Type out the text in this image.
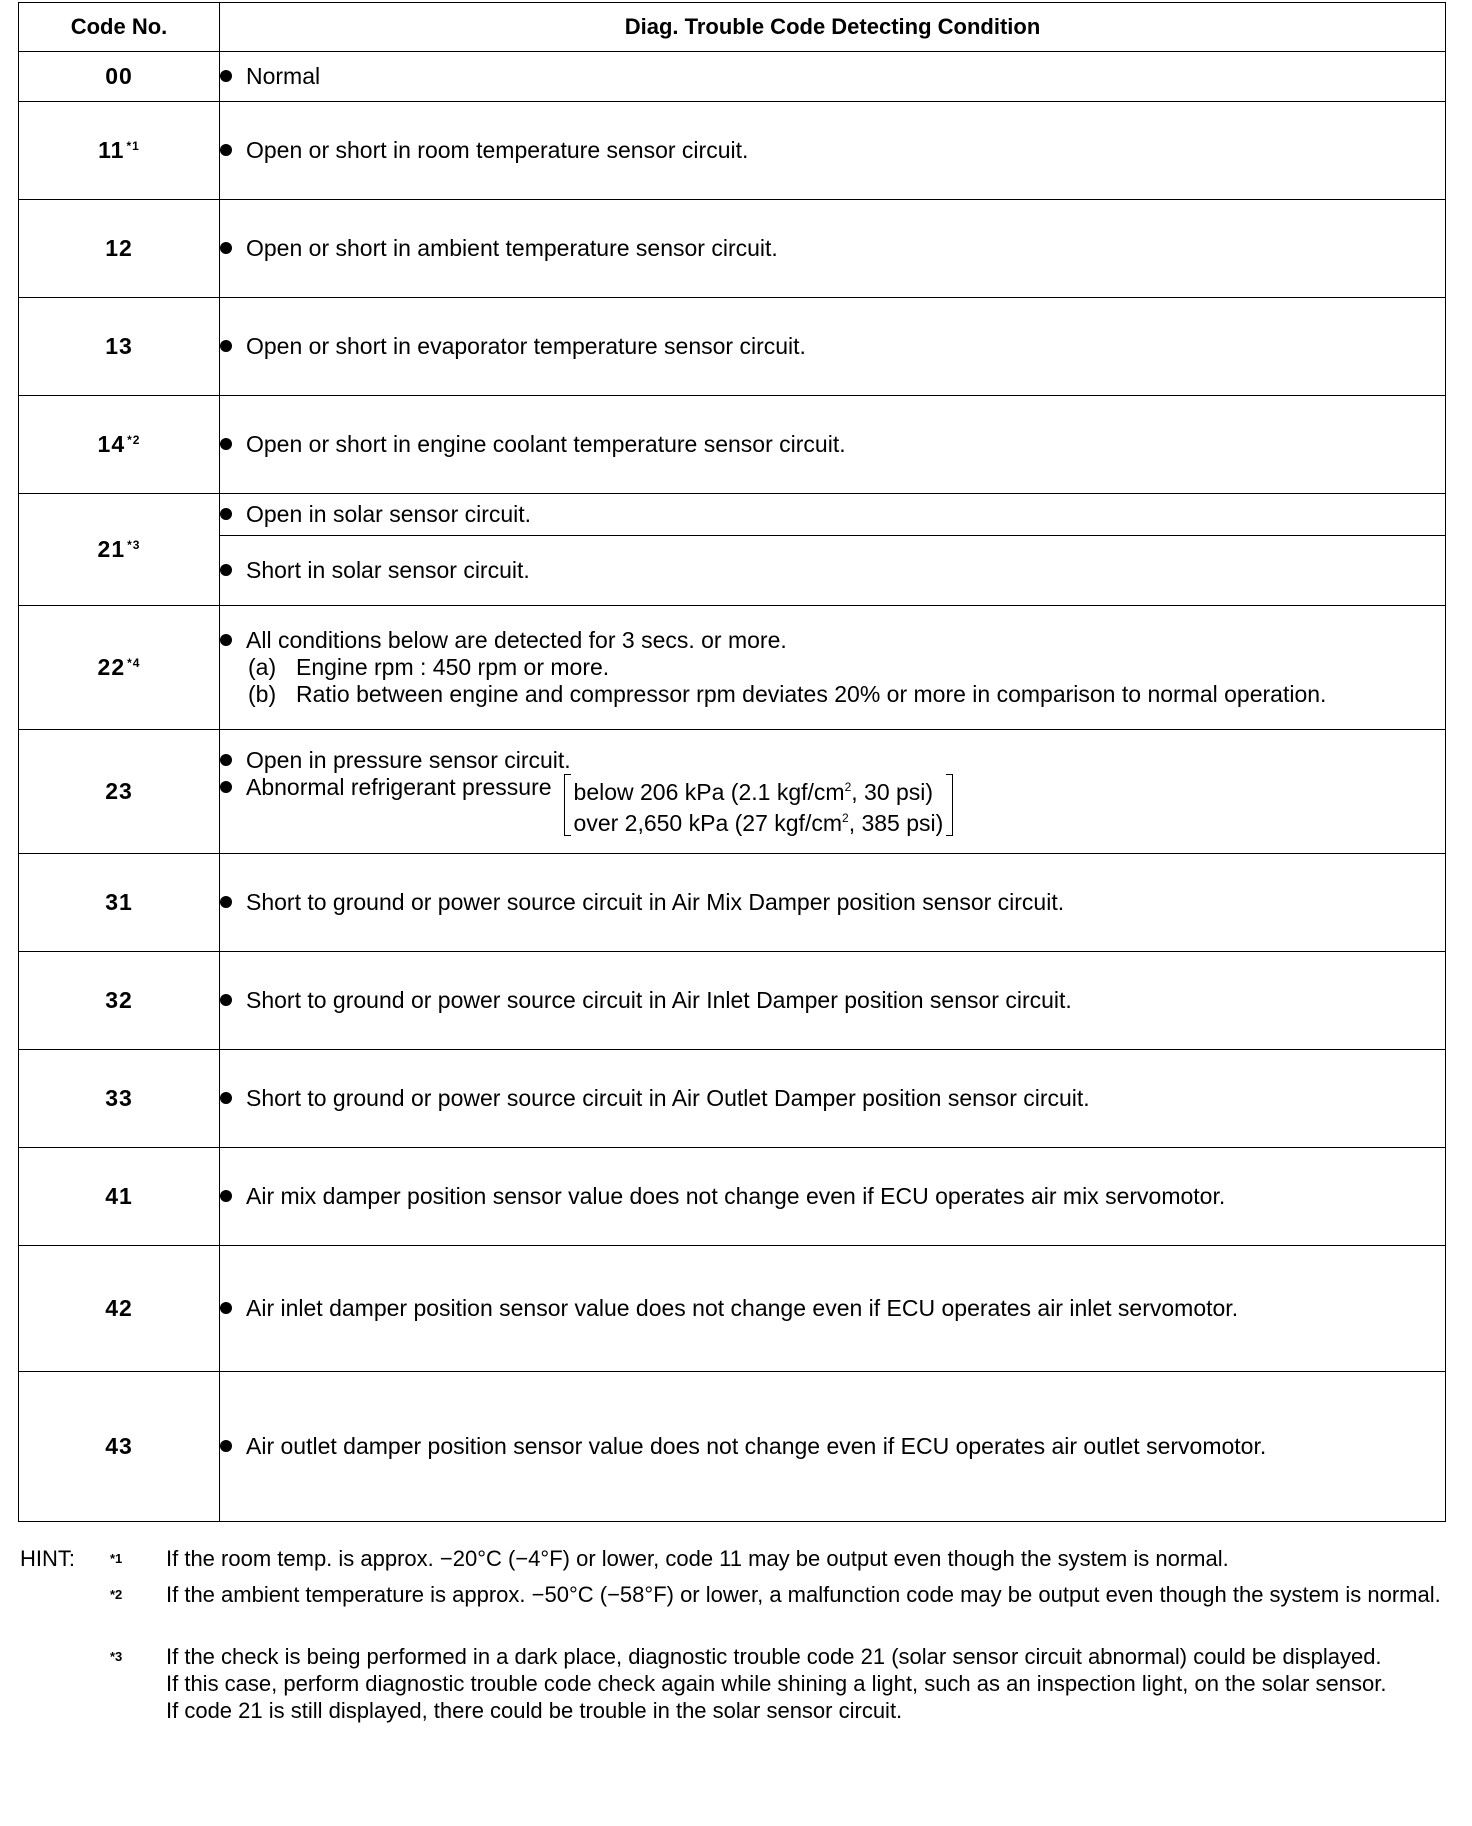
Code No.	Diag. Trouble Code Detecting Condition
00	Normal

11 $^{*1}$	Open or short in room temperature sensor circuit.

12	Open or short in ambient temperature sensor circuit.

13	Open or short in evaporator temperature sensor circuit.

14 $^{*2}$	Open or short in engine coolant temperature sensor circuit.

21 $^{*3}$	Open in solar sensor circuit.

	Short in solar sensor circuit.

22 $^{*4}$	All conditions below are detected for 3 secs. or more.
(a) Engine rpm : 450 rpm or more.
(b) Ratio between engine and compressor rpm deviates 20% or more in comparison to normal operation.

23	Open in pressure sensor circuit.
Abnormal refrigerant pressure below 206 kPa (2.1 kgf/$cm^2$, 30 psi)
over 2,650 kPa (27 kgf/$cm^2$, 385 psi)

31	Short to ground or power source circuit in Air Mix Damper position sensor circuit.

32	Short to ground or power source circuit in Air Inlet Damper position sensor circuit.

33	Short to ground or power source circuit in Air Outlet Damper position sensor circuit.

41	Air mix damper position sensor value does not change even if ECU operates air mix servomotor.

42	Air inlet damper position sensor value does not change even if ECU operates air inlet servomotor.

43	Air outlet damper position sensor value does not change even if ECU operates air outlet servomotor.
HINT:	*1 If the room temp. is approx. −20°C (−4°F) or lower, code 11 may be output even though the system is normal.
*2 If the ambient temperature is approx. −50°C (−58°F) or lower, a malfunction code may be output even though the system is normal.
*3 If the check is being performed in a dark place, diagnostic trouble code 21 (solar sensor circuit abnormal) could be displayed.
If this case, perform diagnostic trouble code check again while shining a light, such as an inspection light, on the solar sensor.
If code 21 is still displayed, there could be trouble in the solar sensor circuit.
